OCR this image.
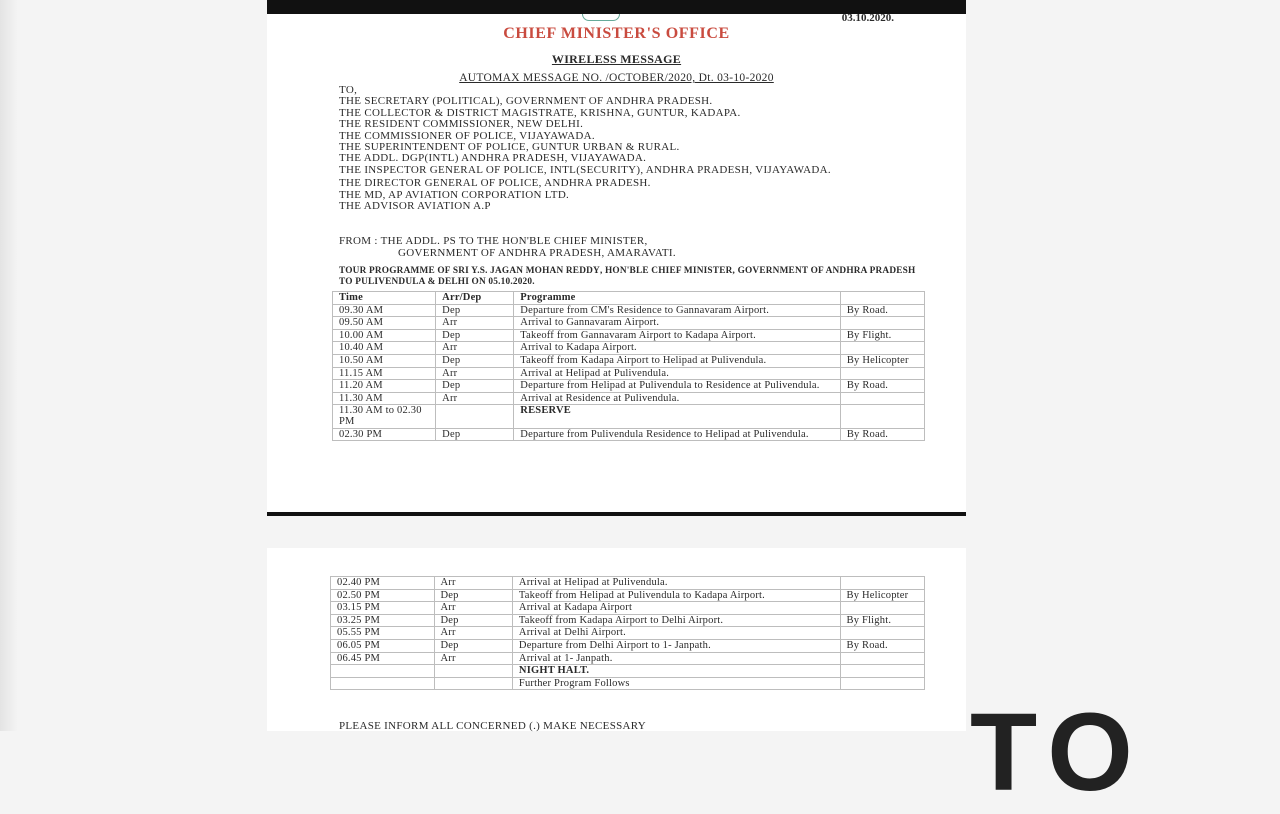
03.10.2020.
CHIEF MINISTER'S OFFICE
WIRELESS MESSAGE
AUTOMAX MESSAGE NO. /OCTOBER/2020, Dt. 03-10-2020
TO,
THE SECRETARY (POLITICAL), GOVERNMENT OF ANDHRA PRADESH.
THE COLLECTOR & DISTRICT MAGISTRATE, KRISHNA, GUNTUR, KADAPA.
THE RESIDENT COMMISSIONER, NEW DELHI.
THE COMMISSIONER OF POLICE, VIJAYAWADA.
THE SUPERINTENDENT OF POLICE, GUNTUR URBAN & RURAL.
THE ADDL. DGP(INTL) ANDHRA PRADESH, VIJAYAWADA.
THE INSPECTOR GENERAL OF POLICE, INTL(SECURITY), ANDHRA PRADESH, VIJAYAWADA.
THE DIRECTOR GENERAL OF POLICE, ANDHRA PRADESH.
THE MD, AP AVIATION CORPORATION LTD.
THE ADVISOR AVIATION A.P
FROM : THE ADDL. PS TO THE HON'BLE CHIEF MINISTER,
GOVERNMENT OF ANDHRA PRADESH, AMARAVATI.
TOUR PROGRAMME OF SRI Y.S. JAGAN MOHAN REDDY, HON'BLE CHIEF MINISTER, GOVERNMENT OF ANDHRA PRADESH TO PULIVENDULA & DELHI ON 05.10.2020.
Time	Arr/Dep	Programme	
09.30 AM	Dep	Departure from CM's Residence to Gannavaram Airport.	By Road.
09.50 AM	Arr	Arrival to Gannavaram Airport.	
10.00 AM	Dep	Takeoff from Gannavaram Airport to Kadapa Airport.	By Flight.
10.40 AM	Arr	Arrival to Kadapa Airport.	
10.50 AM	Dep	Takeoff from Kadapa Airport to Helipad at Pulivendula.	By Helicopter
11.15 AM	Arr	Arrival at Helipad at Pulivendula.	
11.20 AM	Dep	Departure from Helipad at Pulivendula to Residence at Pulivendula.	By Road.
11.30 AM	Arr	Arrival at Residence at Pulivendula.	
11.30 AM to 02.30 PM		RESERVE	
02.30 PM	Dep	Departure from Pulivendula Residence to Helipad at Pulivendula.	By Road.
02.40 PM	Arr	Arrival at Helipad at Pulivendula.	
02.50 PM	Dep	Takeoff from Helipad at Pulivendula to Kadapa Airport.	By Helicopter
03.15 PM	Arr	Arrival at Kadapa Airport	
03.25 PM	Dep	Takeoff from Kadapa Airport to Delhi Airport.	By Flight.
05.55 PM	Arr	Arrival at Delhi Airport.	
06.05 PM	Dep	Departure from Delhi Airport to 1- Janpath.	By Road.
06.45 PM	Arr	Arrival at 1- Janpath.	
		NIGHT HALT.	
		Further Program Follows	
PLEASE INFORM ALL CONCERNED (.) MAKE NECESSARY	TO
